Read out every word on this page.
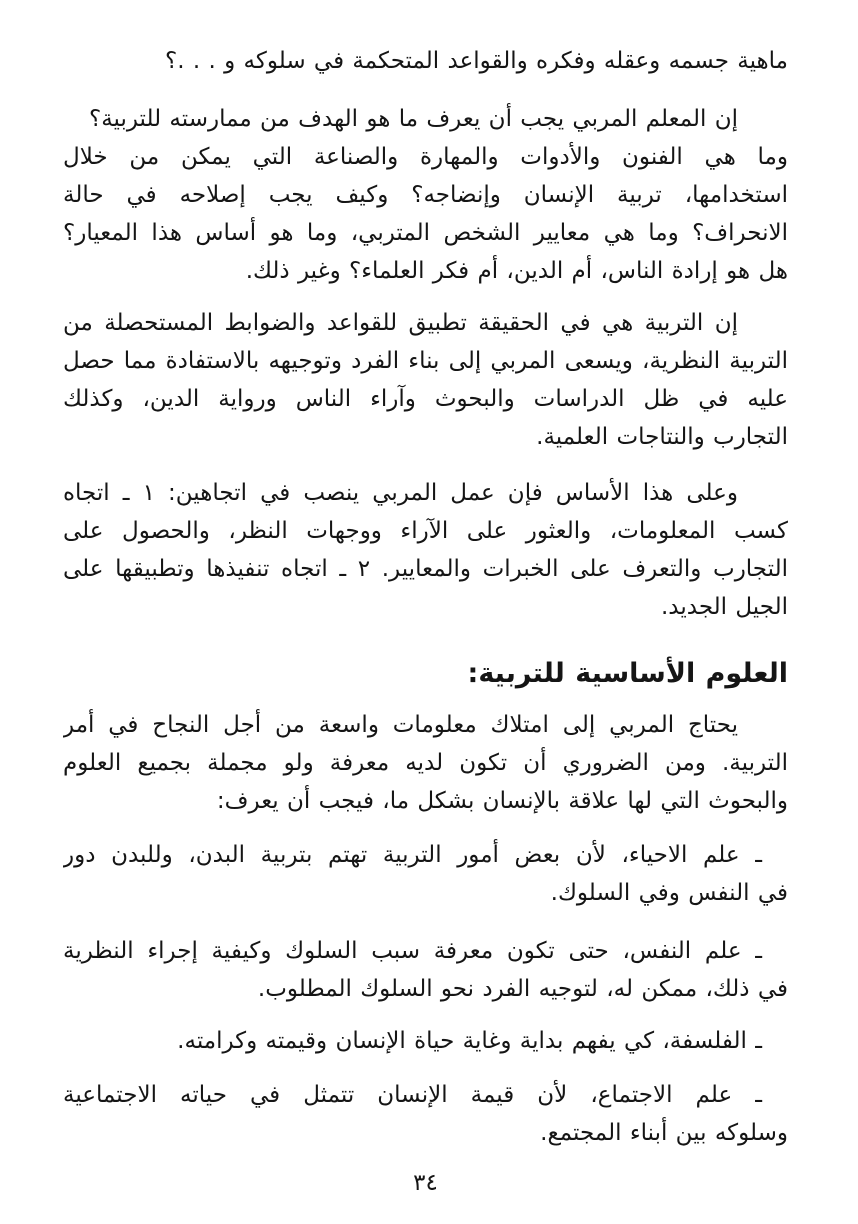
ماهية جسمه وعقله وفكره والقواعد المتحكمة في سلوكه و . . .؟
إن المعلم المربي يجب أن يعرف ما هو الهدف من ممارسته للتربية؟
وما هي الفنون والأدوات والمهارة والصناعة التي يمكن من خلال
استخدامها، تربية الإنسان وإنضاجه؟ وكيف يجب إصلاحه في حالة
الانحراف؟ وما هي معايير الشخص المتربي، وما هو أساس هذا المعيار؟
هل هو إرادة الناس، أم الدين، أم فكر العلماء؟ وغير ذلك.
إن التربية هي في الحقيقة تطبيق للقواعد والضوابط المستحصلة من
التربية النظرية، ويسعى المربي إلى بناء الفرد وتوجيهه بالاستفادة مما حصل
عليه في ظل الدراسات والبحوث وآراء الناس ورواية الدين، وكذلك
التجارب والنتاجات العلمية.
وعلى هذا الأساس فإن عمل المربي ينصب في اتجاهين: ١ ـ اتجاه
كسب المعلومات، والعثور على الآراء ووجهات النظر، والحصول على
التجارب والتعرف على الخبرات والمعايير. ٢ ـ اتجاه تنفيذها وتطبيقها على
الجيل الجديد.
العلوم الأساسية للتربية:
يحتاج المربي إلى امتلاك معلومات واسعة من أجل النجاح في أمر
التربية. ومن الضروري أن تكون لديه معرفة ولو مجملة بجميع العلوم
والبحوث التي لها علاقة بالإنسان بشكل ما، فيجب أن يعرف:
ـ علم الاحياء، لأن بعض أمور التربية تهتم بتربية البدن، وللبدن دور
في النفس وفي السلوك.
ـ علم النفس، حتى تكون معرفة سبب السلوك وكيفية إجراء النظرية
في ذلك، ممكن له، لتوجيه الفرد نحو السلوك المطلوب.
ـ الفلسفة، كي يفهم بداية وغاية حياة الإنسان وقيمته وكرامته.
ـ علم الاجتماع، لأن قيمة الإنسان تتمثل في حياته الاجتماعية
وسلوكه بين أبناء المجتمع.
٣٤
